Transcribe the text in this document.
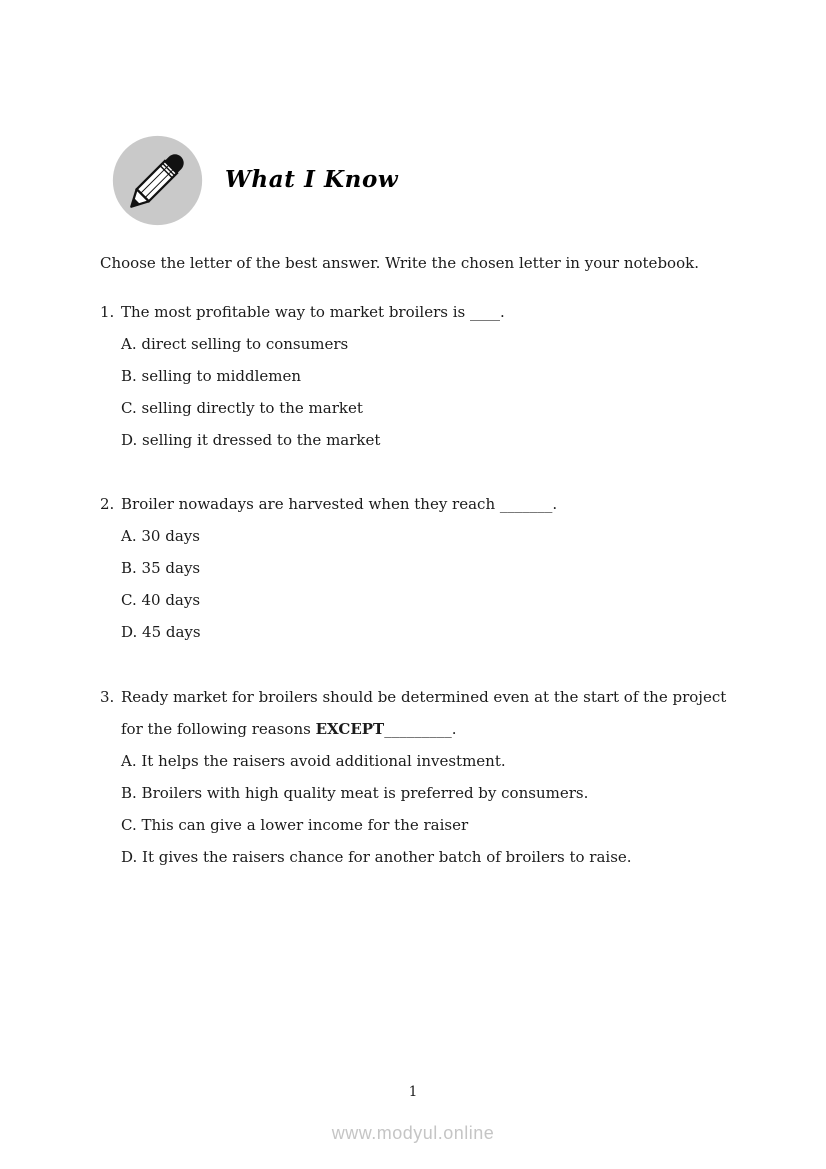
What I Know

Choose the letter of the best answer. Write the chosen letter in your notebook.

1. The most profitable way to market broilers is ____.
A. direct selling to consumers
B. selling to middlemen
C. selling directly to the market
D. selling it dressed to the market
2. Broiler nowadays are harvested when they reach _______.
A. 30 days
B. 35 days
C. 40 days
D. 45 days
3. Ready market for broilers should be determined even at the start of the project for the following reasons EXCEPT_________.
A. It helps the raisers avoid additional investment.
B. Broilers with high quality meat is preferred by consumers.
C. This can give a lower income for the raiser
D. It gives the raisers chance for another batch of broilers to raise.
1
www.modyul.online
